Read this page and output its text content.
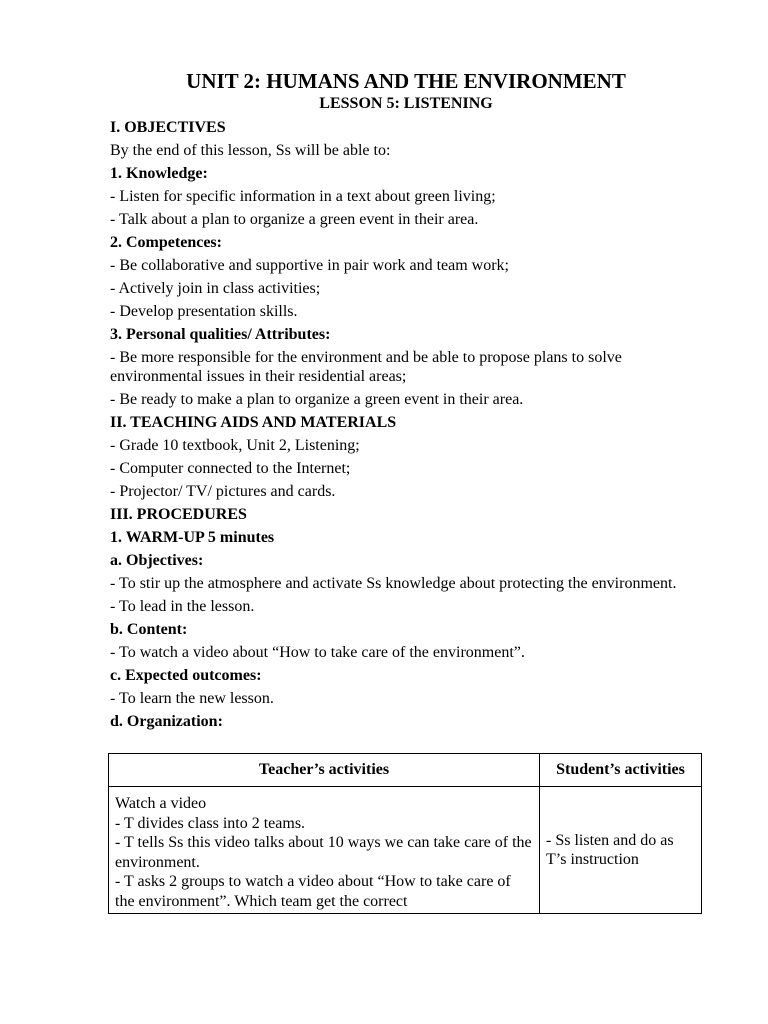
UNIT 2: HUMANS AND THE ENVIRONMENT

LESSON 5: LISTENING

I. OBJECTIVES

By the end of this lesson, Ss will be able to:

1. Knowledge:

- Listen for specific information in a text about green living;

- Talk about a plan to organize a green event in their area.

2. Competences:

- Be collaborative and supportive in pair work and team work;

- Actively join in class activities;

- Develop presentation skills.

3. Personal qualities/ Attributes:

- Be more responsible for the environment and be able to propose plans to solve environmental issues in their residential areas;

- Be ready to make a plan to organize a green event in their area.

II. TEACHING AIDS AND MATERIALS

- Grade 10 textbook, Unit 2, Listening;

- Computer connected to the Internet;

- Projector/ TV/ pictures and cards.

III. PROCEDURES

1. WARM-UP 5 minutes

a. Objectives:

- To stir up the atmosphere and activate Ss knowledge about protecting the environment.

- To lead in the lesson.

b. Content:

- To watch a video about “How to take care of the environment”.

c. Expected outcomes:

- To learn the new lesson.

d. Organization:

Teacher’s activities	Student’s activities

Watch a video
- T divides class into 2 teams.
- T tells Ss this video talks about 10 ways we can take care of the environment.
- T asks 2 groups to watch a video about “How to take care of the environment”. Which team get the correct	- Ss listen and do as T’s instruction
